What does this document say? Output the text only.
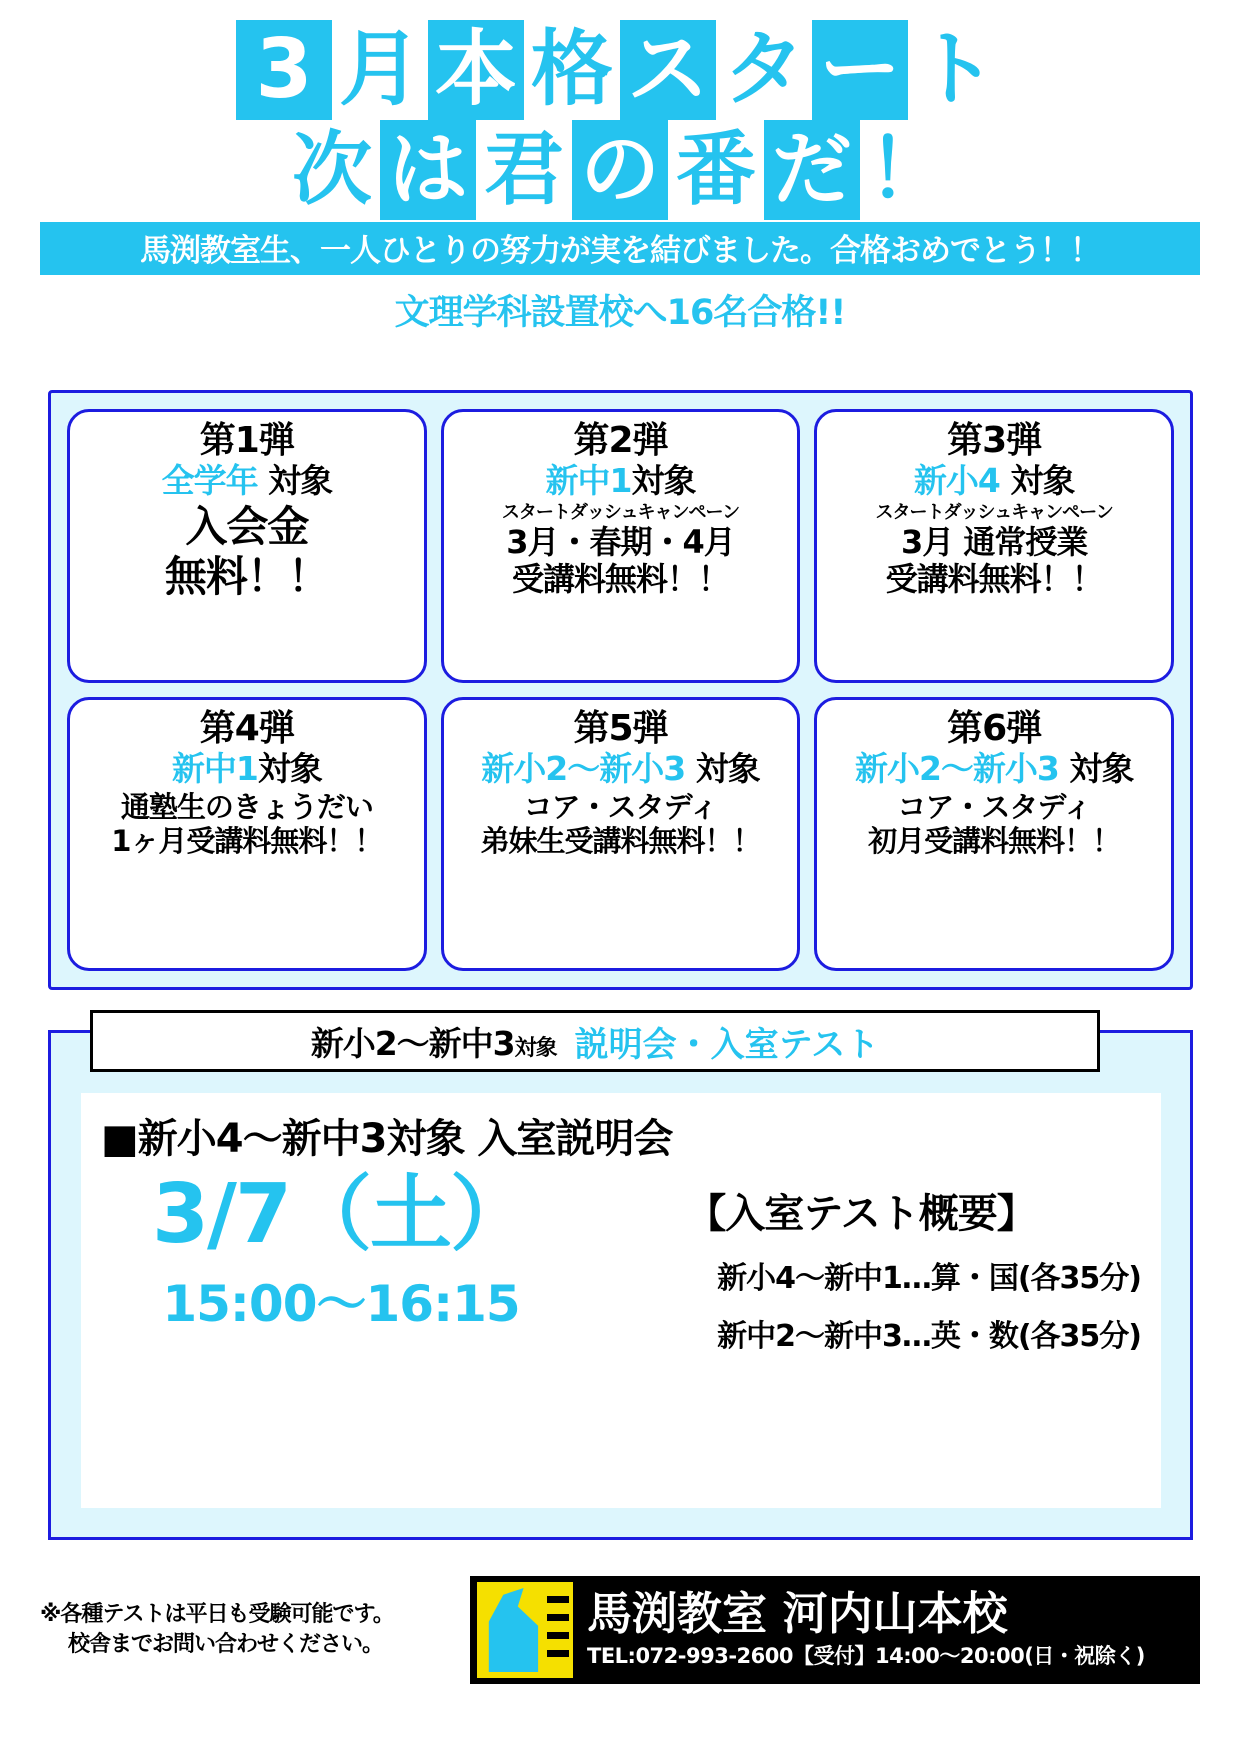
3 月 本 格 ス タ ー ト
次 は 君 の 番 だ ！
馬渕教室生、一人ひとりの努力が実を結びました。合格おめでとう！！
文理学科設置校へ16名合格!!
第1弾
全学年 対象
入会金
無料！！
第2弾
新中1対象
スタートダッシュキャンペーン
3月・春期・4月
受講料無料！！
第3弾
新小4 対象
スタートダッシュキャンペーン
3月 通常授業
受講料無料！！
第4弾
新中1対象
通塾生のきょうだい
1ヶ月受講料無料！！
第5弾
新小2〜新小3 対象
コア・スタディ
弟妹生受講料無料！！
第6弾
新小2〜新小3 対象
コア・スタディ
初月受講料無料！！
■新小4〜新中3対象 入室説明会
3/7（土）
15:00〜16:15
【入室テスト概要】
新小4〜新中1…算・国(各35分)
新中2〜新中3…英・数(各35分)
新小2〜新中3対象 説明会・入室テスト
※各種テストは平日も受験可能です。
校舎までお問い合わせください。
馬渕教室 河内山本校
TEL:072-993-2600【受付】14:00〜20:00(日・祝除く)
